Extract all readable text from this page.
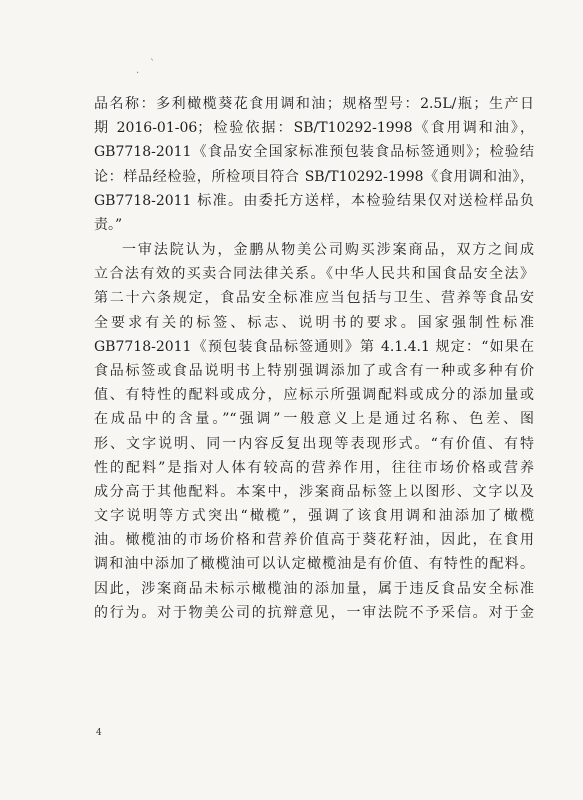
ˋ
.
品名称：多利橄榄葵花食用调和油；规格型号：2.5L/瓶；生产日
期 2016-01-06；检验依据：SB/T10292-1998《食用调和油》，
GB7718-2011《食品安全国家标准预包装食品标签通则》；检验结
论：样品经检验，所检项目符合 SB/T10292-1998《食用调和油》，
GB7718-2011 标准。由委托方送样，本检验结果仅对送检样品负
责。”
一审法院认为，金鹏从物美公司购买涉案商品，双方之间成
立合法有效的买卖合同法律关系。《中华人民共和国食品安全法》
第二十六条规定，食品安全标准应当包括与卫生、营养等食品安
全要求有关的标签、标志、说明书的要求。国家强制性标准
GB7718-2011《预包装食品标签通则》第 4.1.4.1 规定：“如果在
食品标签或食品说明书上特别强调添加了或含有一种或多种有价
值、有特性的配料或成分，应标示所强调配料或成分的添加量或
在成品中的含量。”“强调”一般意义上是通过名称、色差、图
形、文字说明、同一内容反复出现等表现形式。“有价值、有特
性的配料”是指对人体有较高的营养作用，往往市场价格或营养
成分高于其他配料。本案中，涉案商品标签上以图形、文字以及
文字说明等方式突出“橄榄”，强调了该食用调和油添加了橄榄
油。橄榄油的市场价格和营养价值高于葵花籽油，因此，在食用
调和油中添加了橄榄油可以认定橄榄油是有价值、有特性的配料。
因此，涉案商品未标示橄榄油的添加量，属于违反食品安全标准
的行为。对于物美公司的抗辩意见，一审法院不予采信。对于金
4
